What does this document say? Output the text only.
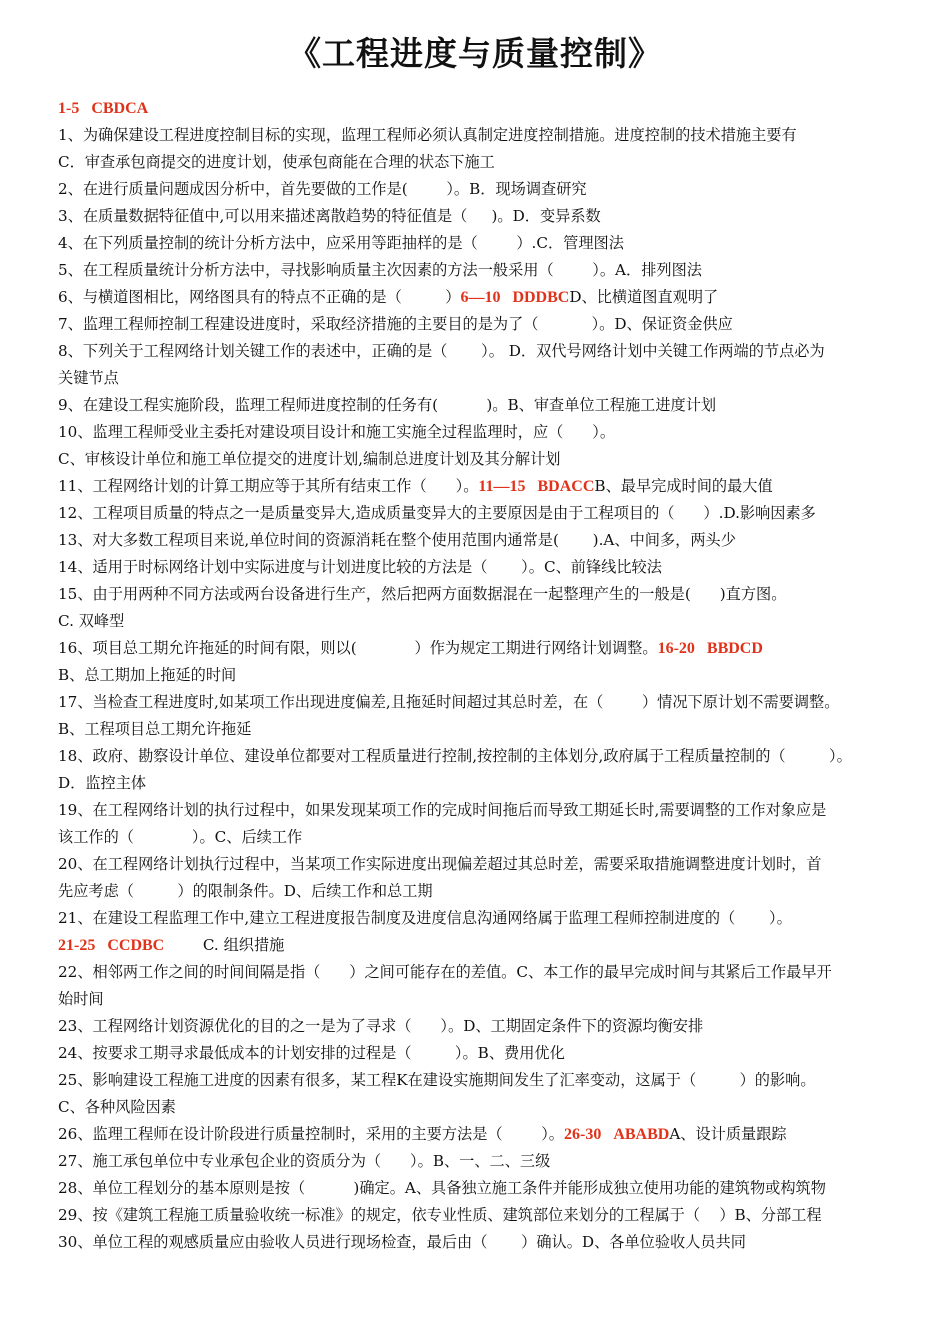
《工程进度与质量控制》
1-5   CBDCA
1、为确保建设工程进度控制目标的实现，监理工程师必须认真制定进度控制措施。进度控制的技术措施主要有
C．审查承包商提交的进度计划，使承包商能在合理的状态下施工
2、在进行质量问题成因分析中，首先要做的工作是(        ）。B．现场调查研究
3、在质量数据特征值中,可以用来描述离散趋势的特征值是（     )。D．变异系数
4、在下列质量控制的统计分析方法中，应采用等距抽样的是（        ）.C．管理图法
5、在工程质量统计分析方法中，寻找影响质量主次因素的方法一般采用（        ）。A．排列图法
6、与横道图相比，网络图具有的特点不正确的是（         ）6—10   DDDBCD、比横道图直观明了
7、监理工程师控制工程建设进度时，采取经济措施的主要目的是为了（           ）。D、保证资金供应
8、下列关于工程网络计划关键工作的表述中，正确的是（       ）。 D．双代号网络计划中关键工作两端的节点必为
关键节点
9、在建设工程实施阶段，监理工程师进度控制的任务有(          )。B、审查单位工程施工进度计划
10、监理工程师受业主委托对建设项目设计和施工实施全过程监理时，应（      ）。
C、审核设计单位和施工单位提交的进度计划,编制总进度计划及其分解计划
11、工程网络计划的计算工期应等于其所有结束工作（      ）。11—15   BDACCB、最早完成时间的最大值
12、工程项目质量的特点之一是质量变异大,造成质量变异大的主要原因是由于工程项目的（      ）.D.影响因素多
13、对大多数工程项目来说,单位时间的资源消耗在整个使用范围内通常是(       ).A、中间多，两头少
14、适用于时标网络计划中实际进度与计划进度比较的方法是（       ）。C、前锋线比较法
15、由于用两种不同方法或两台设备进行生产，然后把两方面数据混在一起整理产生的一般是(      )直方图。
C. 双峰型
16、项目总工期允许拖延的时间有限，则以(            ）作为规定工期进行网络计划调整。16-20   BBDCD
B、总工期加上拖延的时间
17、当检查工程进度时,如某项工作出现进度偏差,且拖延时间超过其总时差，在（        ）情况下原计划不需要调整。
B、工程项目总工期允许拖延
18、政府、勘察设计单位、建设单位都要对工程质量进行控制,按控制的主体划分,政府属于工程质量控制的（         ）。
D．监控主体
19、在工程网络计划的执行过程中，如果发现某项工作的完成时间拖后而导致工期延长时,需要调整的工作对象应是
该工作的（            ）。C、后续工作
20、在工程网络计划执行过程中，当某项工作实际进度出现偏差超过其总时差，需要采取措施调整进度计划时，首
先应考虑（         ）的限制条件。D、后续工作和总工期
21、在建设工程监理工作中,建立工程进度报告制度及进度信息沟通网络属于监理工程师控制进度的（       ）。
21-25   CCDBC        C. 组织措施
22、相邻两工作之间的时间间隔是指（      ）之间可能存在的差值。C、本工作的最早完成时间与其紧后工作最早开
始时间
23、工程网络计划资源优化的目的之一是为了寻求（      ）。D、工期固定条件下的资源均衡安排
24、按要求工期寻求最低成本的计划安排的过程是（         ）。B、费用优化
25、影响建设工程施工进度的因素有很多，某工程K在建设实施期间发生了汇率变动，这属于（         ）的影响。
C、各种风险因素
26、监理工程师在设计阶段进行质量控制时，采用的主要方法是（        ）。26-30   ABABDA、设计质量跟踪
27、施工承包单位中专业承包企业的资质分为（      ）。B、一、二、三级
28、单位工程划分的基本原则是按（          )确定。A、具备独立施工条件并能形成独立使用功能的建筑物或构筑物
29、按《建筑工程施工质量验收统一标准》的规定，依专业性质、建筑部位来划分的工程属于（    ）B、分部工程
30、单位工程的观感质量应由验收人员进行现场检查，最后由（       ）确认。D、各单位验收人员共同
